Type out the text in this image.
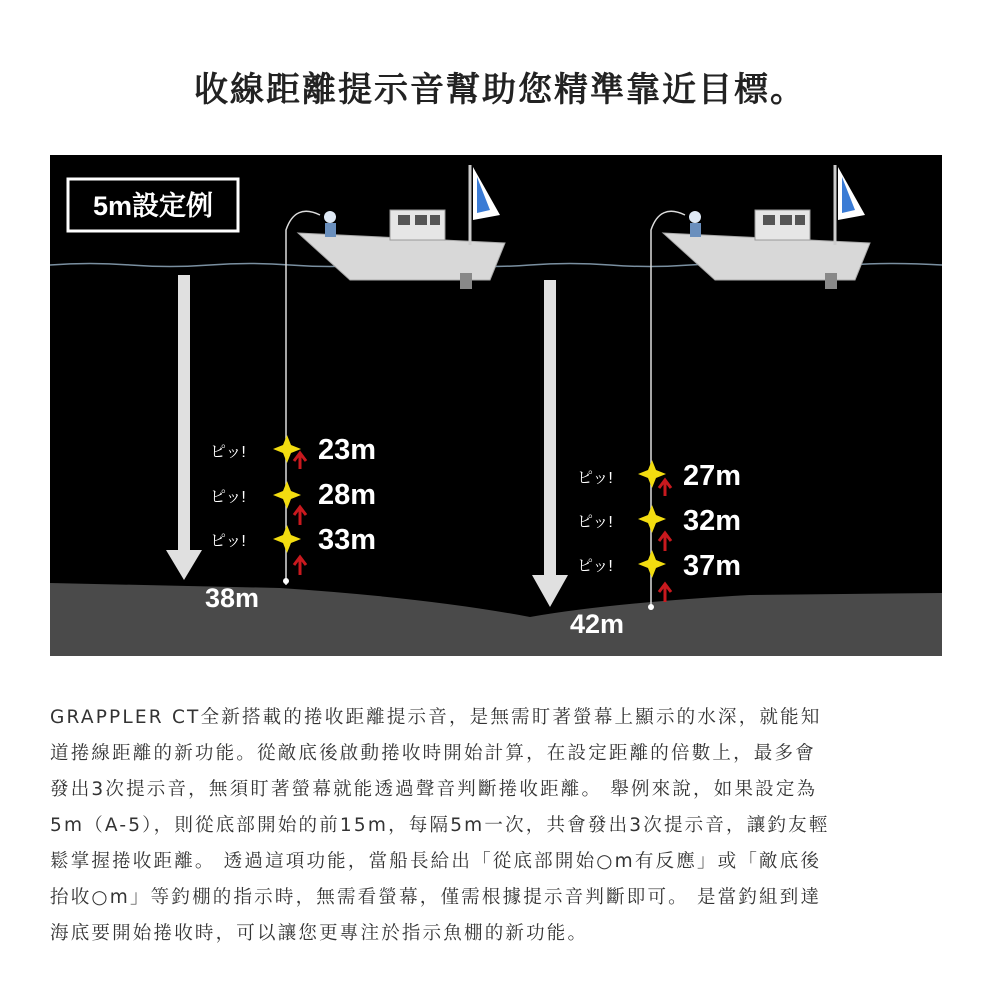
收線距離提示音幫助您精準靠近目標。
5m設定例
38m
ピッ! 23m
ピッ! 28m
ピッ! 33m
42m
ピッ! 27m
ピッ! 32m
ピッ! 37m
GRAPPLER CT全新搭載的捲收距離提示音，是無需盯著螢幕上顯示的水深，就能知
道捲線距離的新功能。從敵底後啟動捲收時開始計算，在設定距離的倍數上，最多會
發出3次提示音，無須盯著螢幕就能透過聲音判斷捲收距離。 舉例來說，如果設定為
5m（A-5），則從底部開始的前15m，每隔5m一次，共會發出3次提示音，讓釣友輕
鬆掌握捲收距離。 透過這項功能，當船長給出「從底部開始○m有反應」或「敵底後
抬收○m」等釣棚的指示時，無需看螢幕，僅需根據提示音判斷即可。 是當釣組到達
海底要開始捲收時，可以讓您更專注於指示魚棚的新功能。
